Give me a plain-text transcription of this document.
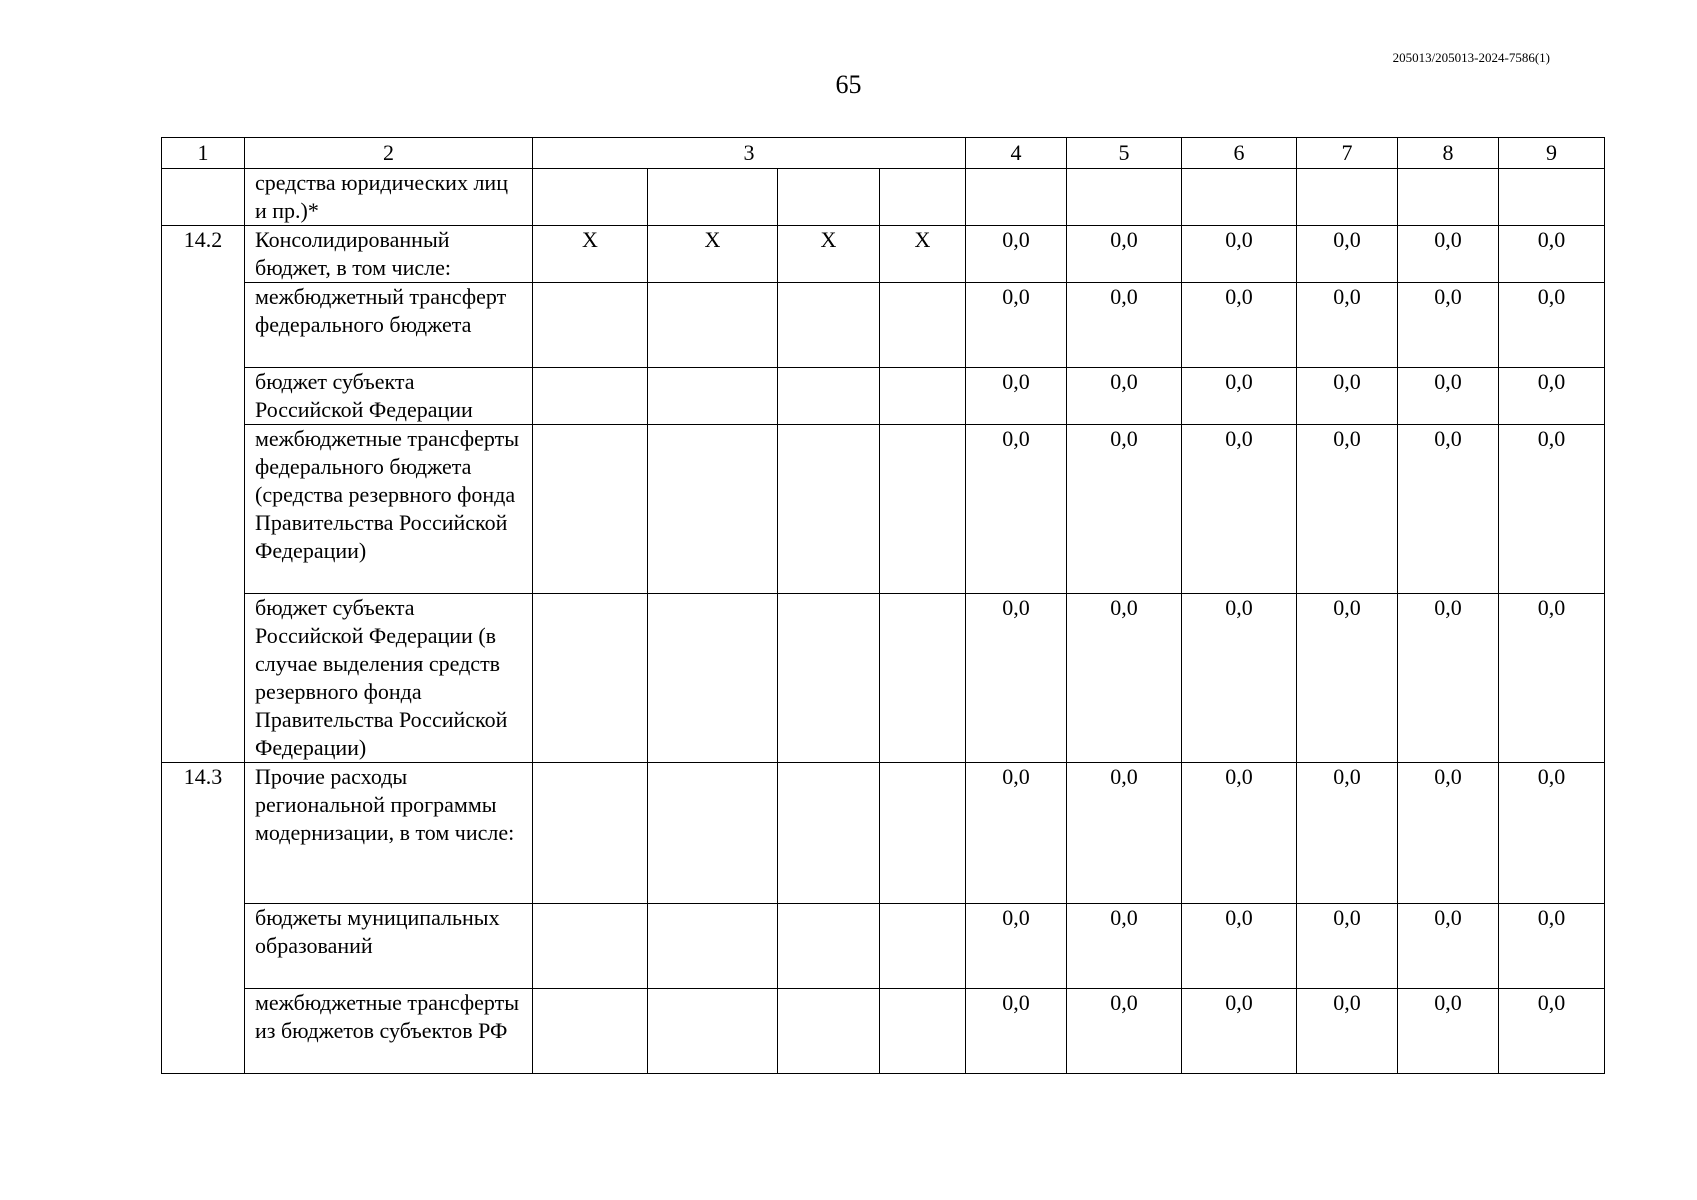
205013/205013-2024-7586(1)
65
1	2	3				4	5	6	7	8	9
	средства юридических лиц и пр.)*										
14.2	Консолидированный бюджет, в том числе:	X	X	X	X	0,0	0,0	0,0	0,0	0,0	0,0
	межбюджетный трансферт федерального бюджета					0,0	0,0	0,0	0,0	0,0	0,0
	бюджет субъекта Российской Федерации					0,0	0,0	0,0	0,0	0,0	0,0
	межбюджетные трансферты федерального бюджета (средства резервного фонда Правительства Российской Федерации)					0,0	0,0	0,0	0,0	0,0	0,0
	бюджет субъекта Российской Федерации (в случае выделения средств резервного фонда Правительства Российской Федерации)					0,0	0,0	0,0	0,0	0,0	0,0
14.3	Прочие расходы региональной программы модернизации, в том числе:					0,0	0,0	0,0	0,0	0,0	0,0
	бюджеты муниципальных образований					0,0	0,0	0,0	0,0	0,0	0,0
	межбюджетные трансферты из бюджетов субъектов РФ					0,0	0,0	0,0	0,0	0,0	0,0
